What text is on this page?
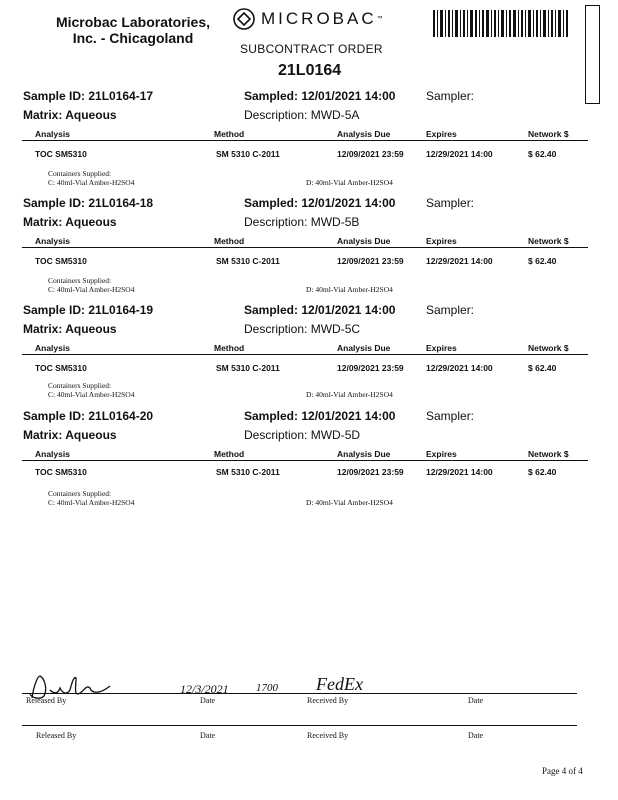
Microbac Laboratories, Inc. - Chicagoland
MICROBAC ™
SUBCONTRACT ORDER
21L0164
Sample ID: 21L0164-17
Matrix: Aqueous
Sampled: 12/01/2021 14:00
Description: MWD-5A
Sampler:
Analysis	Method	Analysis Due	Expires	Network $
TOC SM5310	SM 5310 C-2011	12/09/2021 23:59	12/29/2021 14:00	$ 62.40
Containers Supplied:
C: 40ml-Vial Amber-H2SO4	D: 40ml-Vial Amber-H2SO4
Sample ID: 21L0164-18
Matrix: Aqueous
Sampled: 12/01/2021 14:00
Description: MWD-5B
Sampler:
Analysis	Method	Analysis Due	Expires	Network $
TOC SM5310	SM 5310 C-2011	12/09/2021 23:59	12/29/2021 14:00	$ 62.40
Containers Supplied:
C: 40ml-Vial Amber-H2SO4	D: 40ml-Vial Amber-H2SO4
Sample ID: 21L0164-19
Matrix: Aqueous
Sampled: 12/01/2021 14:00
Description: MWD-5C
Sampler:
Analysis	Method	Analysis Due	Expires	Network $
TOC SM5310	SM 5310 C-2011	12/09/2021 23:59	12/29/2021 14:00	$ 62.40
Containers Supplied:
C: 40ml-Vial Amber-H2SO4	D: 40ml-Vial Amber-H2SO4
Sample ID: 21L0164-20
Matrix: Aqueous
Sampled: 12/01/2021 14:00
Description: MWD-5D
Sampler:
Analysis	Method	Analysis Due	Expires	Network $
TOC SM5310	SM 5310 C-2011	12/09/2021 23:59	12/29/2021 14:00	$ 62.40
Containers Supplied:
C: 40ml-Vial Amber-H2SO4	D: 40ml-Vial Amber-H2SO4
12/3/2021 1700 FedEx
Released By	Date	Received By	Date
Released By	Date	Received By	Date
Page 4 of 4
